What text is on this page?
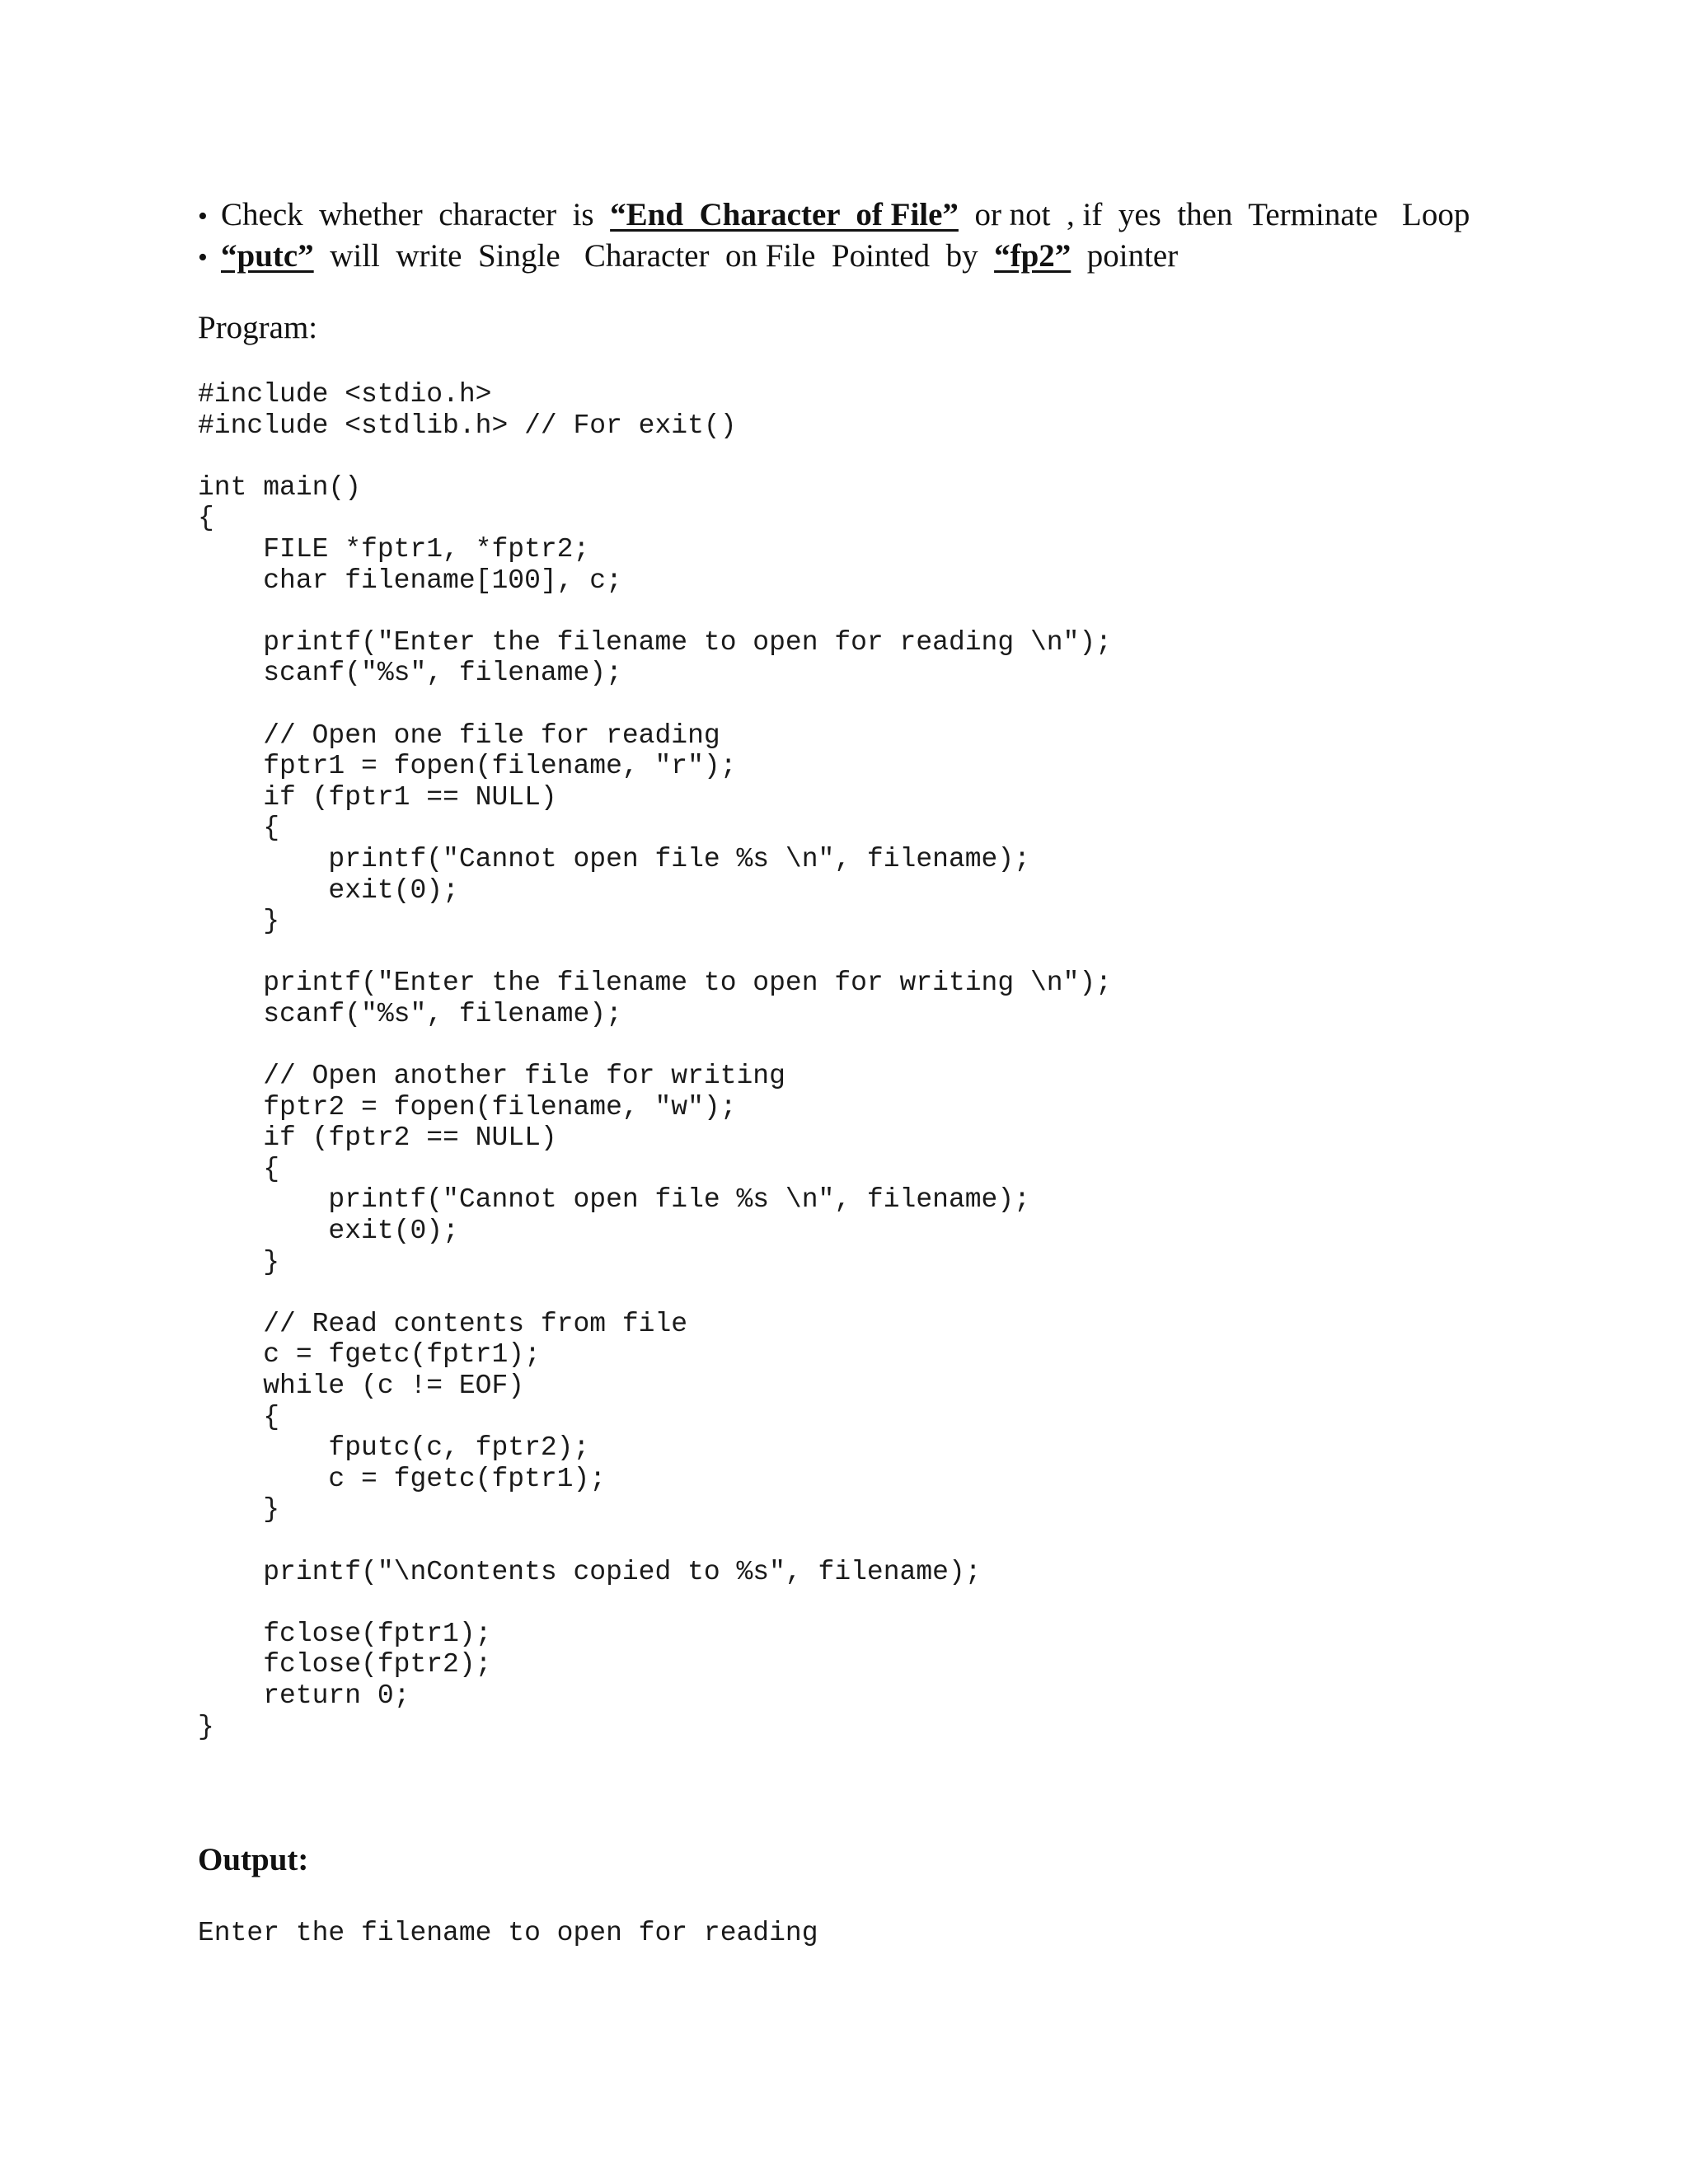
• Check  whether  character  is  “End  Character  of File”  or not  , if  yes  then  Terminate   Loop
• “putc”  will  write  Single   Character  on File  Pointed  by  “fp2”  pointer
Program:
#include <stdio.h>
#include <stdlib.h> // For exit()
int main()
{
FILE *fptr1, *fptr2;
char filename[100], c;
printf("Enter the filename to open for reading \n");
scanf("%s", filename);
// Open one file for reading
fptr1 = fopen(filename, "r");
if (fptr1 == NULL)
{
printf("Cannot open file %s \n", filename);
exit(0);
}
printf("Enter the filename to open for writing \n");
scanf("%s", filename);
// Open another file for writing
fptr2 = fopen(filename, "w");
if (fptr2 == NULL)
{
printf("Cannot open file %s \n", filename);
exit(0);
}
// Read contents from file
c = fgetc(fptr1);
while (c != EOF)
{
fputc(c, fptr2);
c = fgetc(fptr1);
}
printf("\nContents copied to %s", filename);
fclose(fptr1);
fclose(fptr2);
return 0;
}
Output:
Enter the filename to open for reading
